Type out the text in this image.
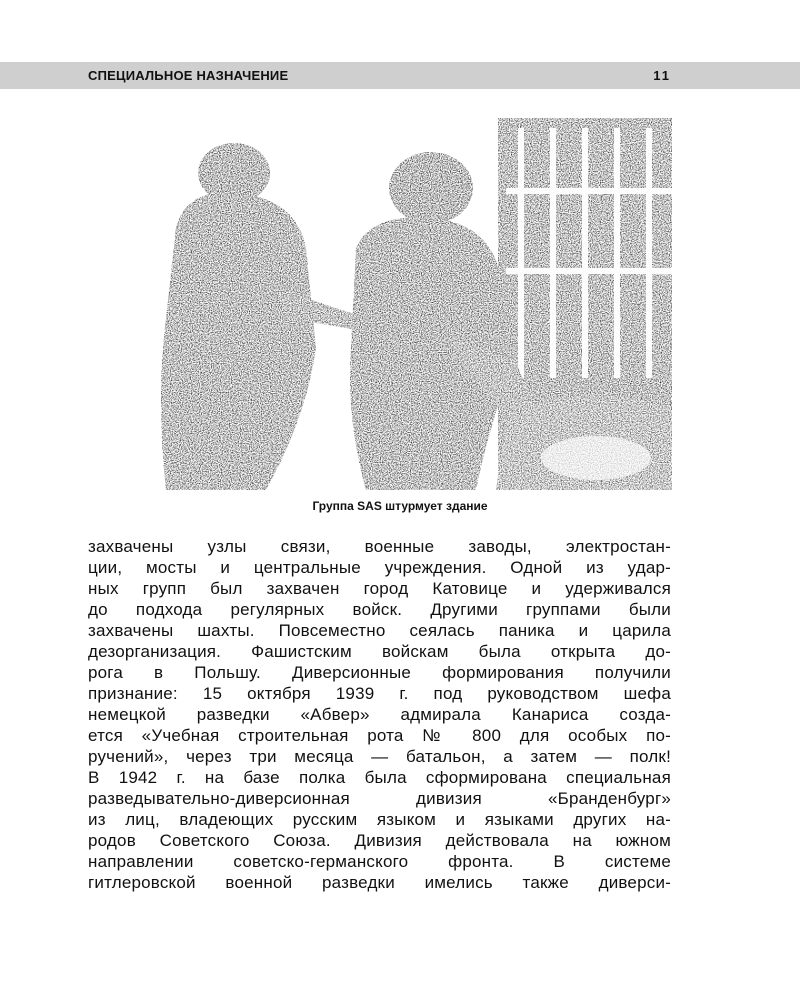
СПЕЦИАЛЬНОЕ НАЗНАЧЕНИЕ	11
Группа SAS штурмует здание
захвачены узлы связи, военные заводы, электростан-
ции, мосты и центральные учреждения. Одной из удар-
ных групп был захвачен город Катовице и удерживался
до подхода регулярных войск. Другими группами были
захвачены шахты. Повсеместно сеялась паника и царила
дезорганизация. Фашистским войскам была открыта до-
рога в Польшу. Диверсионные формирования получили
признание: 15 октября 1939 г. под руководством шефа
немецкой разведки «Абвер» адмирала Канариса созда-
ется «Учебная строительная рота № 800 для особых по-
ручений», через три месяца — батальон, а затем — полк!
В 1942 г. на базе полка была сформирована специальная
разведывательно-диверсионная дивизия «Бранденбург»
из лиц, владеющих русским языком и языками других на-
родов Советского Союза. Дивизия действовала на южном
направлении советско-германского фронта. В системе
гитлеровской военной разведки имелись также диверси-
